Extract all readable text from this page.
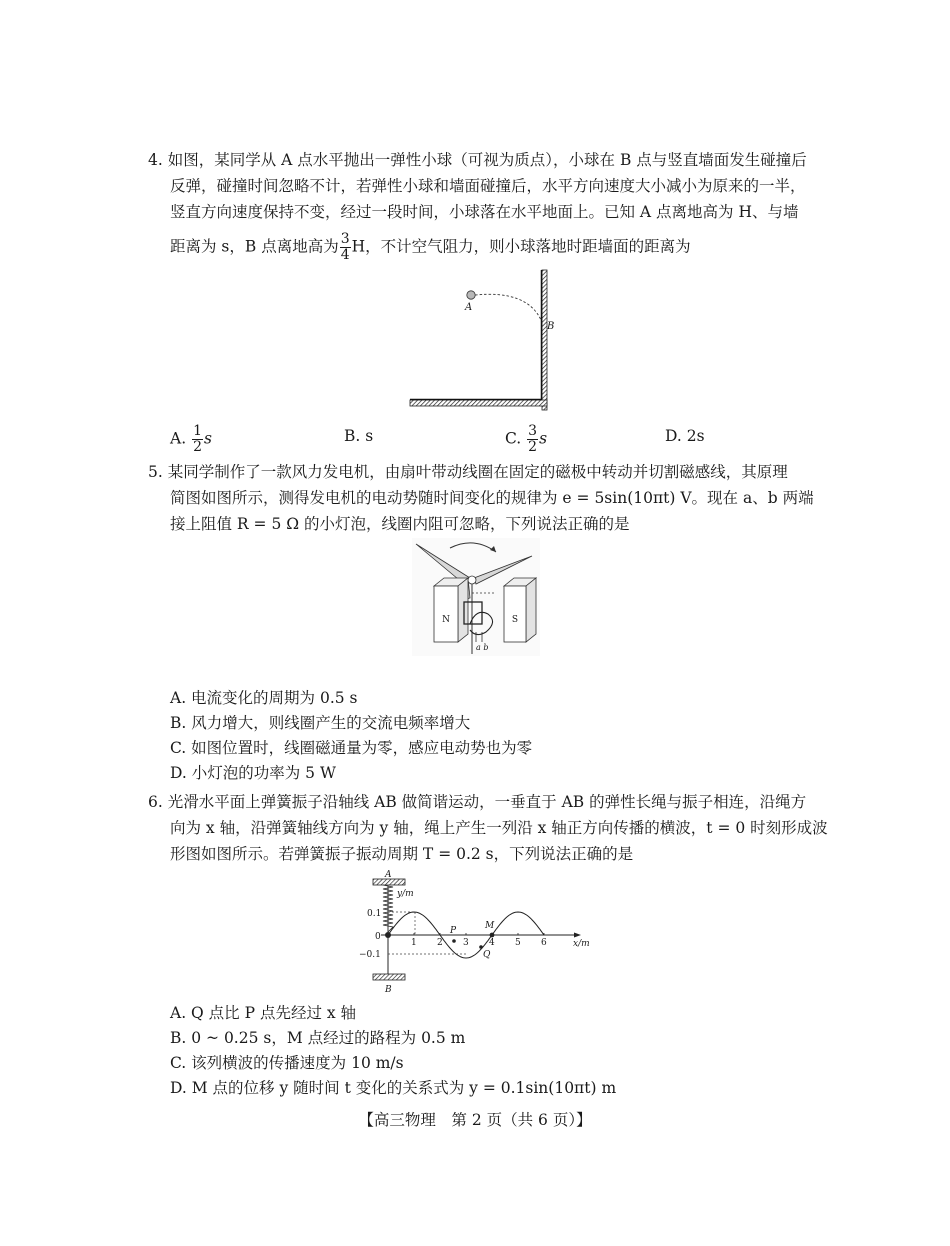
4. 如图，某同学从 A 点水平抛出一弹性小球（可视为质点），小球在 B 点与竖直墙面发生碰撞后
反弹，碰撞时间忽略不计，若弹性小球和墙面碰撞后，水平方向速度大小减小为原来的一半，
竖直方向速度保持不变，经过一段时间，小球落在水平地面上。已知 A 点离地高为 H、与墙
距离为 s，B 点离地高为 $\frac{3}{4}$ H，不计空气阻力，则小球落地时距墙面的距离为
A
B
A. $\frac{1}{2}$ s	B. s	C. $\frac{3}{2}$ s	D. 2s
5. 某同学制作了一款风力发电机，由扇叶带动线圈在固定的磁极中转动并切割磁感线，其原理
简图如图所示，测得发电机的电动势随时间变化的规律为 e = 5sin(10πt) V。现在 a、b 两端
接上阻值 R = 5 Ω 的小灯泡，线圈内阻可忽略，下列说法正确的是
N	S
a b
A. 电流变化的周期为 0.5 s
B. 风力增大，则线圈产生的交流电频率增大
C. 如图位置时，线圈磁通量为零，感应电动势也为零
D. 小灯泡的功率为 5 W
6. 光滑水平面上弹簧振子沿轴线 AB 做简谐运动，一垂直于 AB 的弹性长绳与振子相连，沿绳方
向为 x 轴，沿弹簧轴线方向为 y 轴，绳上产生一列沿 x 轴正方向传播的横波，t = 0 时刻形成波
形图如图所示。若弹簧振子振动周期 T = 0.2 s，下列说法正确的是
A
B
x/m
y/m
0.1
0
−0.1
1 2 3 4 5 6
P
Q
M
A. Q 点比 P 点先经过 x 轴
B. 0 ~ 0.25 s，M 点经过的路程为 0.5 m
C. 该列横波的传播速度为 10 m/s
D. M 点的位移 y 随时间 t 变化的关系式为 y = 0.1sin(10πt) m
【高三物理　第 2 页（共 6 页）】
